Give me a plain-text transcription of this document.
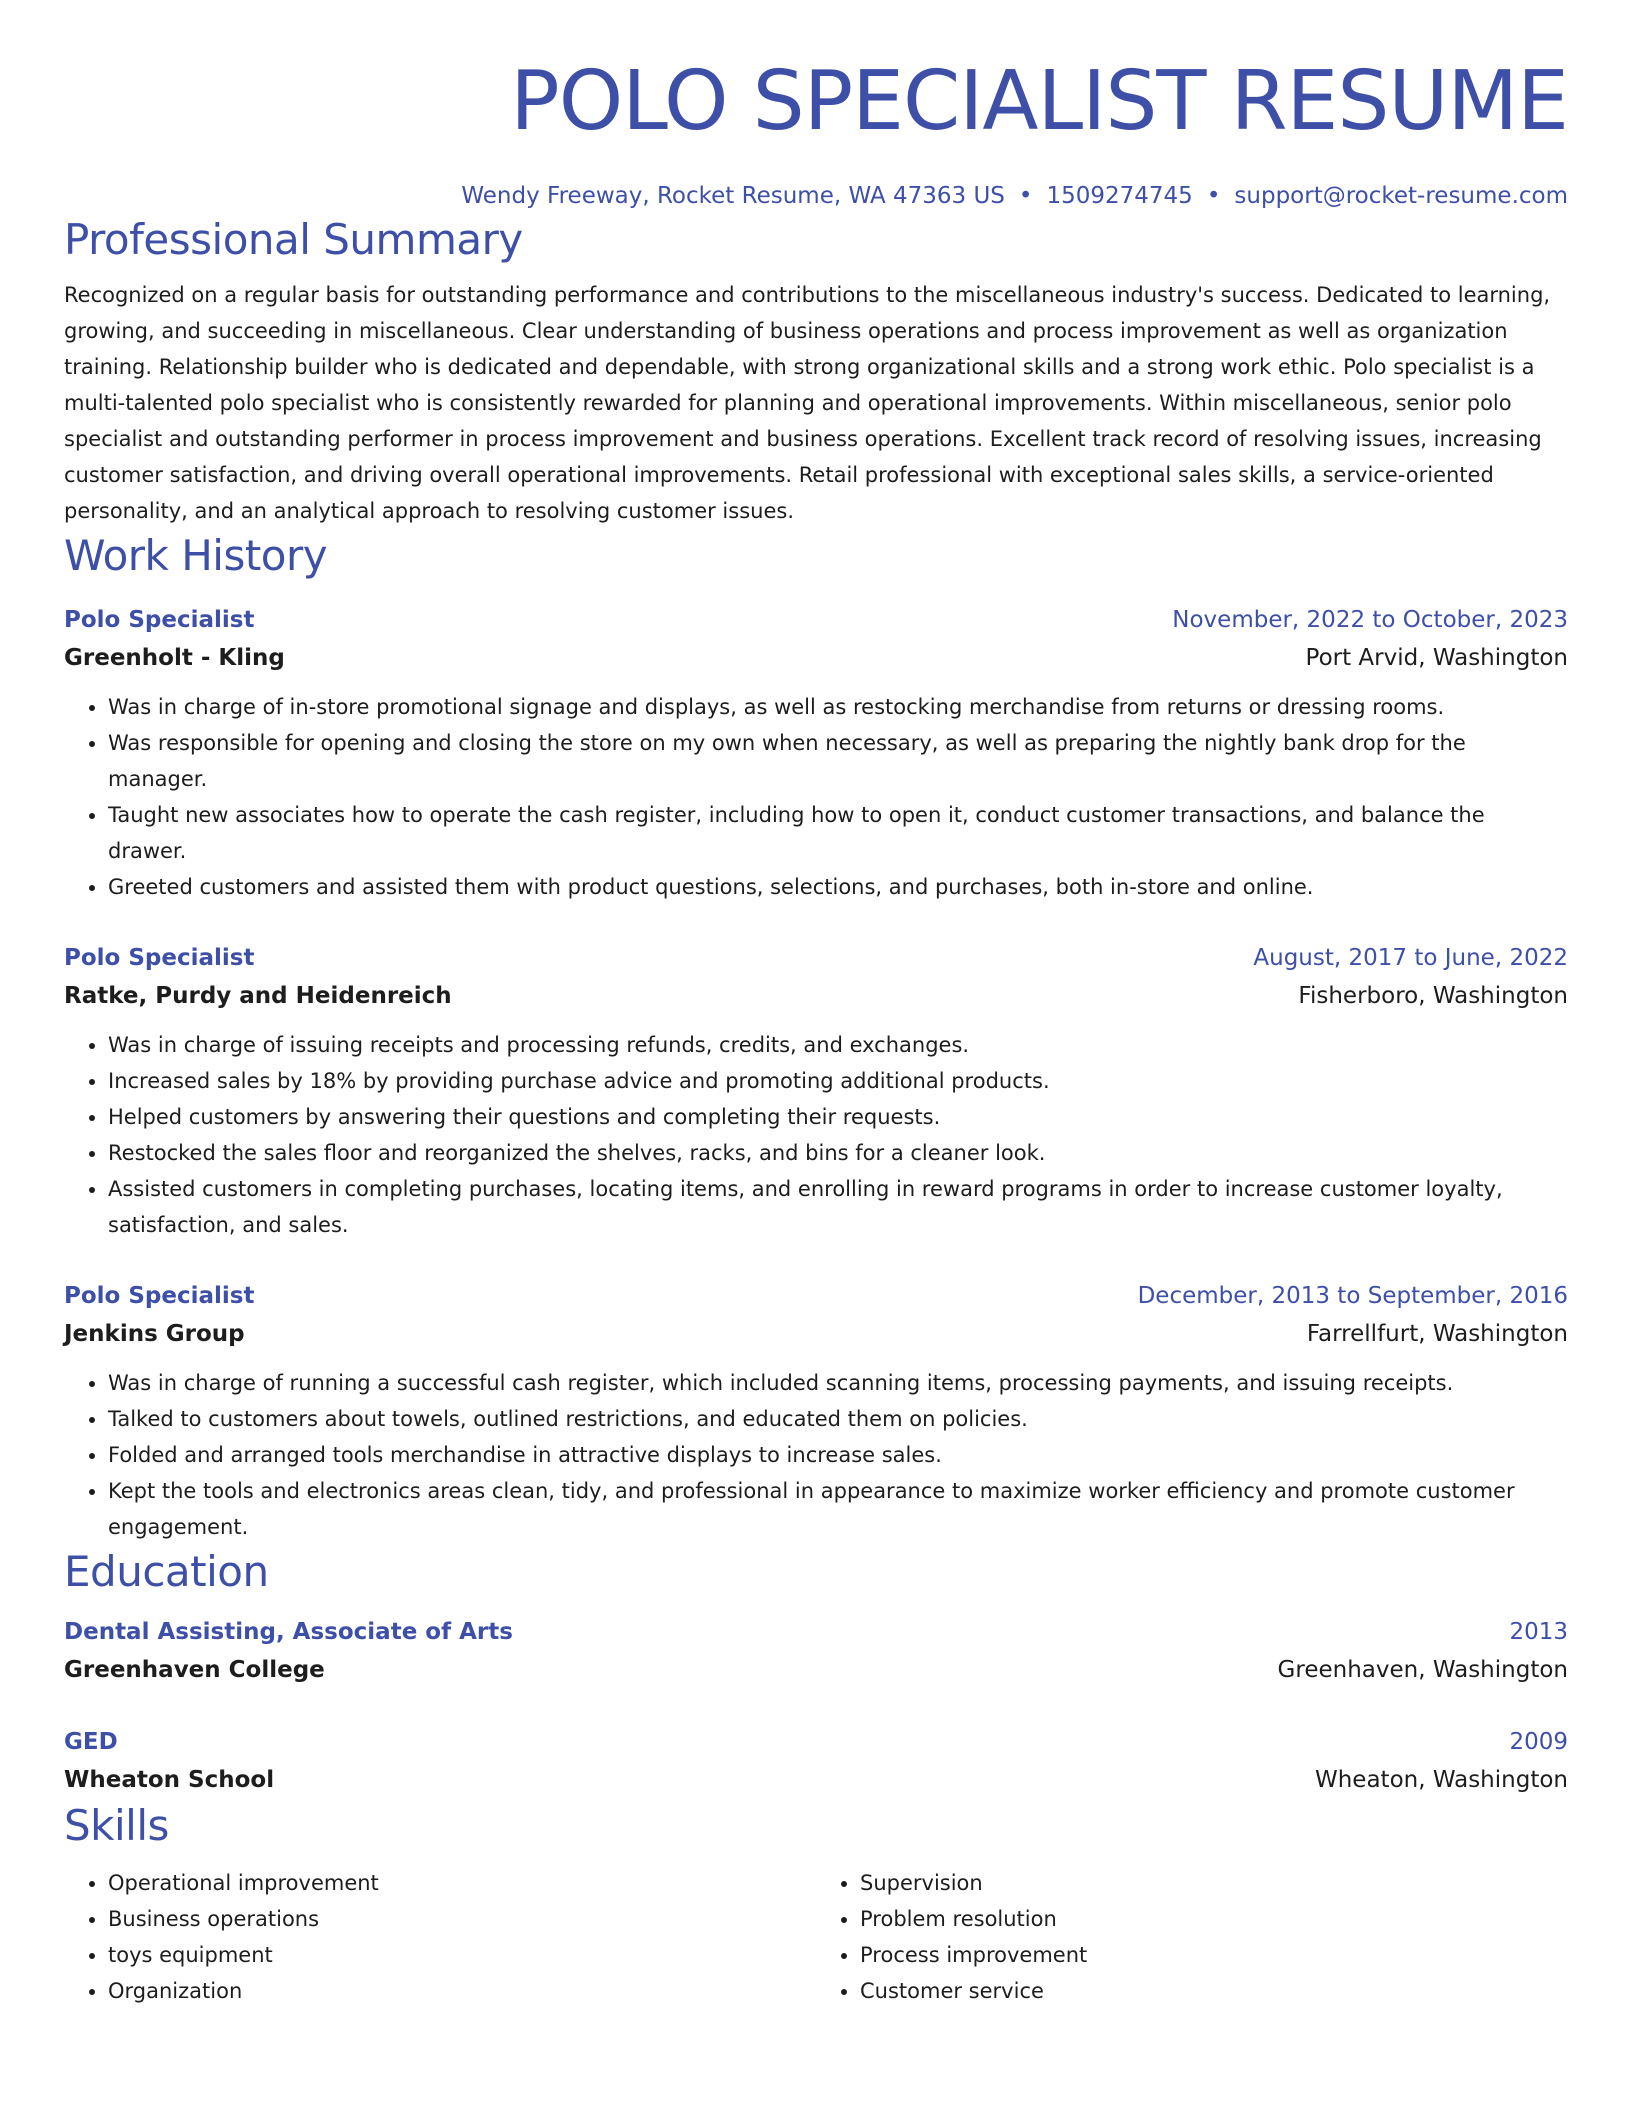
POLO SPECIALIST RESUME
Wendy Freeway, Rocket Resume, WA 47363 US • 1509274745 • support@rocket-resume.com
Professional Summary

Recognized on a regular basis for outstanding performance and contributions to the miscellaneous industry's success. Dedicated to learning, growing, and succeeding in miscellaneous. Clear understanding of business operations and process improvement as well as organization training. Relationship builder who is dedicated and dependable, with strong organizational skills and a strong work ethic. Polo specialist is a multi-talented polo specialist who is consistently rewarded for planning and operational improvements. Within miscellaneous, senior polo specialist and outstanding performer in process improvement and business operations. Excellent track record of resolving issues, increasing customer satisfaction, and driving overall operational improvements. Retail professional with exceptional sales skills, a service-oriented personality, and an analytical approach to resolving customer issues.

Work History
Polo Specialist	November, 2022 to October, 2023
Greenholt - Kling	Port Arvid, Washington
• Was in charge of in-store promotional signage and displays, as well as restocking merchandise from returns or dressing rooms.
• Was responsible for opening and closing the store on my own when necessary, as well as preparing the nightly bank drop for the manager.
• Taught new associates how to operate the cash register, including how to open it, conduct customer transactions, and balance the drawer.
• Greeted customers and assisted them with product questions, selections, and purchases, both in-store and online.
Polo Specialist	August, 2017 to June, 2022
Ratke, Purdy and Heidenreich	Fisherboro, Washington
• Was in charge of issuing receipts and processing refunds, credits, and exchanges.
• Increased sales by 18% by providing purchase advice and promoting additional products.
• Helped customers by answering their questions and completing their requests.
• Restocked the sales floor and reorganized the shelves, racks, and bins for a cleaner look.
• Assisted customers in completing purchases, locating items, and enrolling in reward programs in order to increase customer loyalty, satisfaction, and sales.
Polo Specialist	December, 2013 to September, 2016
Jenkins Group	Farrellfurt, Washington
• Was in charge of running a successful cash register, which included scanning items, processing payments, and issuing receipts.
• Talked to customers about towels, outlined restrictions, and educated them on policies.
• Folded and arranged tools merchandise in attractive displays to increase sales.
• Kept the tools and electronics areas clean, tidy, and professional in appearance to maximize worker efficiency and promote customer engagement.
Education
Dental Assisting, Associate of Arts	2013
Greenhaven College	Greenhaven, Washington
GED	2009
Wheaton School	Wheaton, Washington
Skills
• Operational improvement
• Business operations
• toys equipment
• Organization
• Supervision
• Problem resolution
• Process improvement
• Customer service
